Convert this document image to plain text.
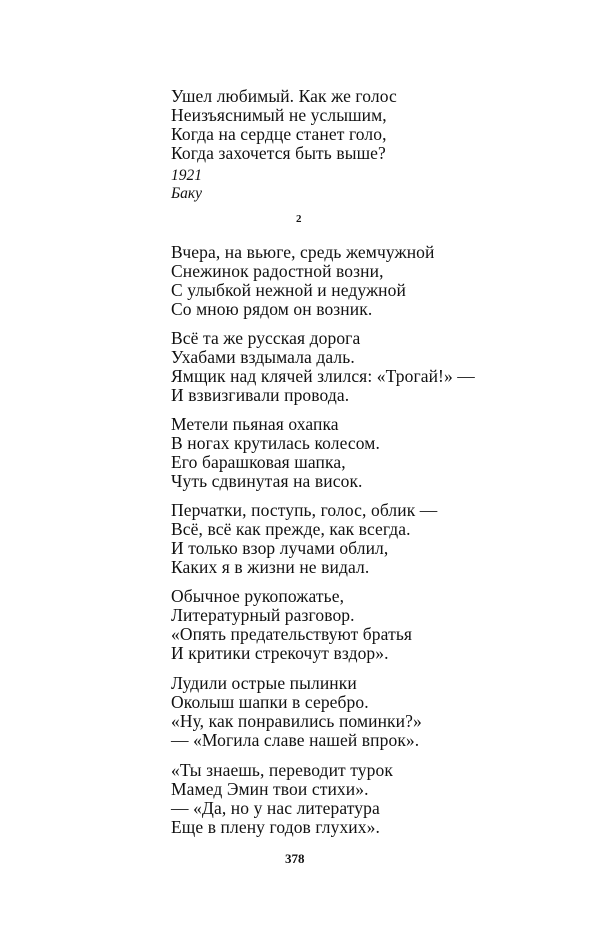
Ушел любимый. Как же голос
Неизъяснимый не услышим,
Когда на сердце станет голо,
Когда захочется быть выше?
1921
Баку
2
Вчера, на вьюге, средь жемчужной
Снежинок радостной возни,
С улыбкой нежной и недужной
Со мною рядом он возник.
Всё та же русская дорога
Ухабами вздымала даль.
Ямщик над клячей злился: «Трогай!» —
И взвизгивали провода.
Метели пьяная охапка
В ногах крутилась колесом.
Его барашковая шапка,
Чуть сдвинутая на висок.
Перчатки, поступь, голос, облик —
Всё, всё как прежде, как всегда.
И только взор лучами облил,
Каких я в жизни не видал.
Обычное рукопожатье,
Литературный разговор.
«Опять предательствуют братья
И критики стрекочут вздор».
Лудили острые пылинки
Околыш шапки в серебро.
«Ну, как понравились поминки?»
— «Могила славе нашей впрок».
«Ты знаешь, переводит турок
Мамед Эмин твои стихи».
— «Да, но у нас литература
Еще в плену годов глухих».
378
